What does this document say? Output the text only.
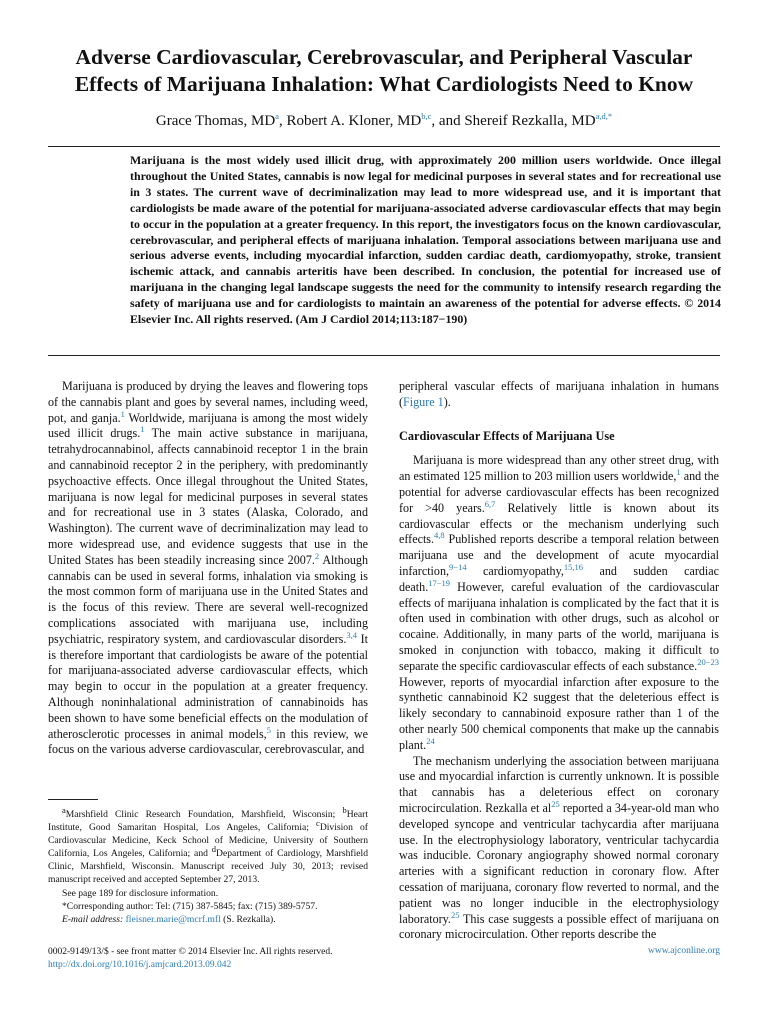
Adverse Cardiovascular, Cerebrovascular, and Peripheral Vascular
Effects of Marijuana Inhalation: What Cardiologists Need to Know
Grace Thomas, $MD^a$, Robert A. Kloner, MD$^{b,c}$, and Shereif Rezkalla, $MD^{a,d,*}$

Marijuana is the most widely used illicit drug, with approximately 200 million users worldwide. Once illegal throughout the United States, cannabis is now legal for medicinal purposes in several states and for recreational use in 3 states. The current wave of decriminalization may lead to more widespread use, and it is important that cardiologists be made aware of the potential for marijuana-associated adverse cardiovascular effects that may begin to occur in the population at a greater frequency. In this report, the investigators focus on the known cardiovascular, cerebrovascular, and peripheral effects of marijuana inhalation. Temporal associations between marijuana use and serious adverse events, including myocardial infarction, sudden cardiac death, cardiomyopathy, stroke, transient ischemic attack, and cannabis arteritis have been described. In conclusion, the potential for increased use of marijuana in the changing legal landscape suggests the need for the community to intensify research regarding the safety of marijuana use and for cardiologists to maintain an awareness of the potential for adverse effects. © 2014 Elsevier Inc. All rights reserved. (Am J Cardiol 2014;113:187−190)

Marijuana is produced by drying the leaves and flowering tops of the cannabis plant and goes by several names, including weed, pot, and ganja.$^1$ Worldwide, marijuana is among the most widely used illicit drugs.$^1$ The main active substance in marijuana, tetrahydrocannabinol, affects cannabinoid receptor 1 in the brain and cannabinoid receptor 2 in the periphery, with predominantly psychoactive effects. Once illegal throughout the United States, marijuana is now legal for medicinal purposes in several states and for recreational use in 3 states (Alaska, Colorado, and Washington). The current wave of decriminalization may lead to more widespread use, and evidence suggests that use in the United States has been steadily increasing since 2007.$^2$ Although cannabis can be used in several forms, inhalation via smoking is the most common form of marijuana use in the United States and is the focus of this review. There are several well-recognized complications associated with marijuana use, including psychiatric, respiratory system, and cardiovascular disorders.$^{3,4}$ It is therefore important that cardiologists be aware of the potential for marijuana-associated adverse cardiovascular effects, which may begin to occur in the population at a greater frequency. Although noninhalational administration of cannabinoids has been shown to have some beneficial effects on the modulation of atherosclerotic processes in animal models,$^5$ in this review, we focus on the various adverse cardiovascular, cerebrovascular, and

peripheral vascular effects of marijuana inhalation in humans (Figure 1).

Cardiovascular Effects of Marijuana Use

Marijuana is more widespread than any other street drug, with an estimated 125 million to 203 million users worldwide,$^1$ and the potential for adverse cardiovascular effects has been recognized for >40 years.$^{6,7}$ Relatively little is known about its cardiovascular effects or the mechanism underlying such effects.$^{4,8}$ Published reports describe a temporal relation between marijuana use and the development of acute myocardial infarction,$^{9-14}$ cardiomyopathy,$^{15,16}$ and sudden cardiac death.$^{17-19}$ However, careful evaluation of the cardiovascular effects of marijuana inhalation is complicated by the fact that it is often used in combination with other drugs, such as alcohol or cocaine. Additionally, in many parts of the world, marijuana is smoked in conjunction with tobacco, making it difficult to separate the specific cardiovascular effects of each substance.$^{20-23}$ However, reports of myocardial infarction after exposure to the synthetic cannabinoid K2 suggest that the deleterious effect is likely secondary to cannabinoid exposure rather than 1 of the other nearly 500 chemical components that make up the cannabis plant.$^{24}$

The mechanism underlying the association between marijuana use and myocardial infarction is currently unknown. It is possible that cannabis has a deleterious effect on coronary microcirculation. Rezkalla et $al^{25}$ reported a 34-year-old man who developed syncope and ventricular tachycardia after marijuana use. In the electrophysiology laboratory, ventricular tachycardia was inducible. Coronary angiography showed normal coronary arteries with a significant reduction in coronary flow. After cessation of marijuana, coronary flow reverted to normal, and the patient was no longer inducible in the electrophysiology laboratory.$^{25}$ This case suggests a possible effect of marijuana on coronary microcirculation. Other reports describe the

$^a$Marshfield Clinic Research Foundation, Marshfield, Wisconsin; $^b$Heart Institute, Good Samaritan Hospital, Los Angeles, California; $^c$Division of Cardiovascular Medicine, Keck School of Medicine, University of Southern California, Los Angeles, California; and $^d$Department of Cardiology, Marshfield Clinic, Marshfield, Wisconsin. Manuscript received July 30, 2013; revised manuscript received and accepted September 27, 2013.

See page 189 for disclosure information.

*Corresponding author: Tel: (715) 387-5845; fax: (715) 389-5757.

E-mail address: fleisner.marie@mcrf.mfl (S. Rezkalla).

0002-9149/13/$ - see front matter © 2014 Elsevier Inc. All rights reserved.
http://dx.doi.org/10.1016/j.amjcard.2013.09.042
www.ajconline.org
